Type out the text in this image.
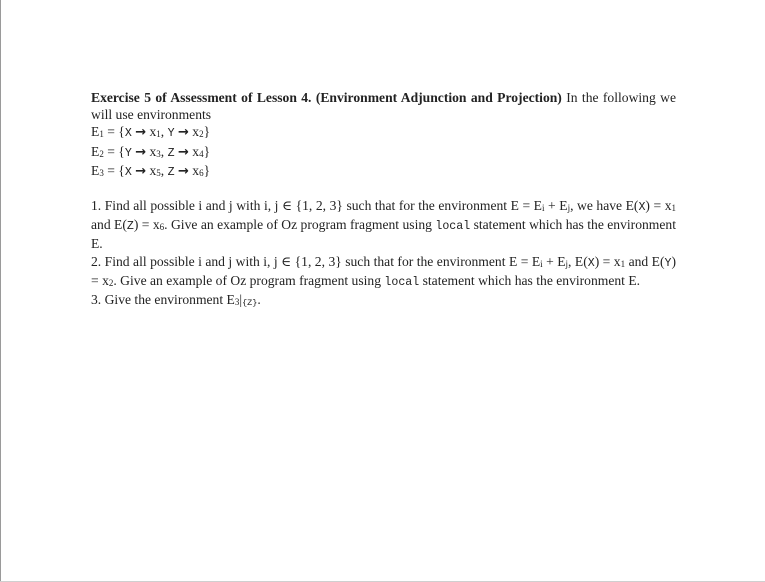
Exercise 5 of Assessment of Lesson 4. (Environment Adjunction and Projection) In the following we will use environments

E1 = {X → x1, Y → x2}

E2 = {Y → x3, Z → x4}

E3 = {X → x5, Z → x6}

1. Find all possible i and j with i, j ∈ {1, 2, 3} such that for the environment E = Ei + Ej, we have E(X) = x1 and E(Z) = x6. Give an example of Oz program fragment using local statement which has the environment E.

2. Find all possible i and j with i, j ∈ {1, 2, 3} such that for the environment E = Ei + Ej, E(X) = x1 and E(Y) = x2. Give an example of Oz program fragment using local statement which has the environment E.

3. Give the environment E3|{Z}.
